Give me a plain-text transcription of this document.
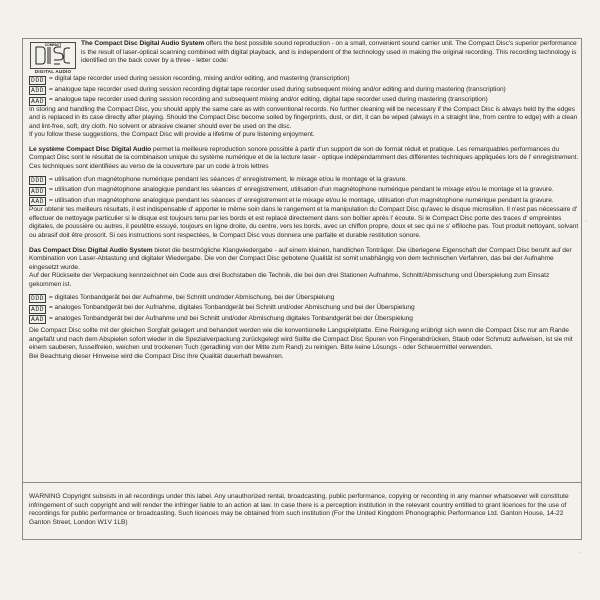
COMPACT
DIGITAL AUDIO

The Compact Disc Digital Audio System offers the best possible sound reproduction - on a small, convenient sound carrier unit. The Compact Disc's superior performance is the result of laser-optical scanning combined with digital playback, and is independent of the technology used in making the original recording. This recording technology is identified on the back cover by a three - letter code:

DDD = digital tape recorder used during session recording, mixing and/or editing, and mastering (transcription)
ADD = analogue tape recorder used during session recording digital tape recorder used during subsequent mixing and/or editing and during mastering (transcription)
AAD = analogue tape recorder used during session recording and subsequent mixing and/or editing, digital tape recorder used during mastering (transcription)

In storing and handling the Compact Disc, you should apply the same care as with conventional records. No further cleaning will be necessary if the Compact Disc is always held by the edges and is replaced in its case directly after playing. Should the Compact Disc become soiled by fingerprints, dust, or dirt, it can be wiped (always in a straight line, from centre to edge) with a clean and lint-free, soft, dry cloth. No solvent or abrasive cleaner should ever be used on the disc.

If you follow these suggestions, the Compact Disc will provide a lifetime of pure listening enjoyment.

Le système Compact Disc Digital Audio permet la meilleure reproduction sonore possible à partir d'un support de son de format réduit et pratique. Les remarquables performances du Compact Disc sont le résultat de la combinaison unique du système numérique et de la lecture laser - optique indépendamment des différentes techniques appliquées lors de l' enregistrement. Ces techniques sont identifiées au verso de la couverture par un code à trois lettres

DDD = utilisation d'un magnétophone numérique pendant les séances d' enregistrement, le mixage et/ou le montage et la gravure.
ADD = utilisation d'un magnétophone analogique pendant les séances d' enregistrement, utilisation d'un magnétophone numérique pendant le mixage et/ou le montage et la gravure.
AAD = utilisation d'un magnétophone analogique pendant les séances d' enregistrement et le mixage et/ou le montage, utilisation d'un magnétophone numérique pendant la gravure.

Pour obtenir les meilleurs résultats, il est indispensable d' apporter le même soin dans le rangement et la manipulation du Compact Disc qu'avec le disque microsillon. Il n'est pas nécessaire d' effectuer de nettoyage particulier si le disque est toujours tenu par les bords et est replacé directement dans son boîtier après l' écoute. Si le Compact Disc porte des traces d' empreintes digitales, de poussière ou autres, il peutêtre essuyé, toujours en ligne droite, du centre, vers les bords, avec un chiffon propre, doux et sec qui ne s' effiloche pas. Tout produit nettoyant, solvant ou abrasif doit être proscrit. Si ces instructions sont respectées, le Compact Disc vous donnera une parfaite et durable restitution sonore.

Das Compact Disc Digital Audio System bietet die bestmögliche Klangwiedergabe - auf einem kleinen, handlichen Tonträger. Die überlegene Eigenschaft der Compact Disc beruht auf der Kombination von Laser-Abtastung und digitaler Wiedergabe. Die von der Compact Disc gebotene Qualität ist somit unabhängig von dem technischen Verfahren, das bei der Aufnahme eingesetzt wurde.

Auf der Rückseite der Verpackung kennzeichnet ein Code aus drei Buchstaben die Technik, die bei den drei Stationen Aufnahme, Schnitt/Abmischung und Überspielung zum Einsatz gekommen ist.

DDD = digitales Tonbandgerät bei der Aufnahme, bei Schnitt und/oder Abmischung, bei der Überspielung
ADD = analoges Tonbandgerät bei der Aufnahme, digitales Tonbandgerät bei Schnitt und/oder Abmischung und bei der Überspielung
AAD = analoges Tonbandgerät bei der Aufnahme und bei Schnitt und/oder Abmischung digitales Tonbandgerät bei der Überspielung

Die Compact Disc sollte mit der gleichen Sorgfalt gelagert und behandelt werden wie die konventionelle Langspielplatte. Eine Reinigung erübrigt sich wenn die Compact Disc nur am Rande angefaßt und nach dem Abspielen sofort wieder in die Spezialverpackung zurückgelegt wird Sollte die Compact Disc Spuren von Fingerabdrücken, Staub oder Schmutz aufweisen, ist sie mit einem sauberen, fusselfreien, weichen und trockenen Tuch (geradlinig von der Mitte zum Rand) zu reinigen. Bitte keine Lösungs - oder Scheuermittel verwenden.

Bei Beachtung dieser Hinweise wird die Compact Disc Ihre Qualität dauerhaft bewahren.

WARNING Copyright subsists in all recordings under this label. Any unauthorized rental, broadcasting, public performance, copying or recording in any manner whatsoever will constitute infringement of such copyright and will render the infringer liable to an action at law. In case there is a perception institution in the relevant country entitled to grant licences for the use of recordings for public performance or broadcasting. Such licences may be obtained from such institution (For the United Kingdom Phonographic Performance Ltd. Ganton House, 14-22 Ganton Street, London W1V 1LB)

·
·
